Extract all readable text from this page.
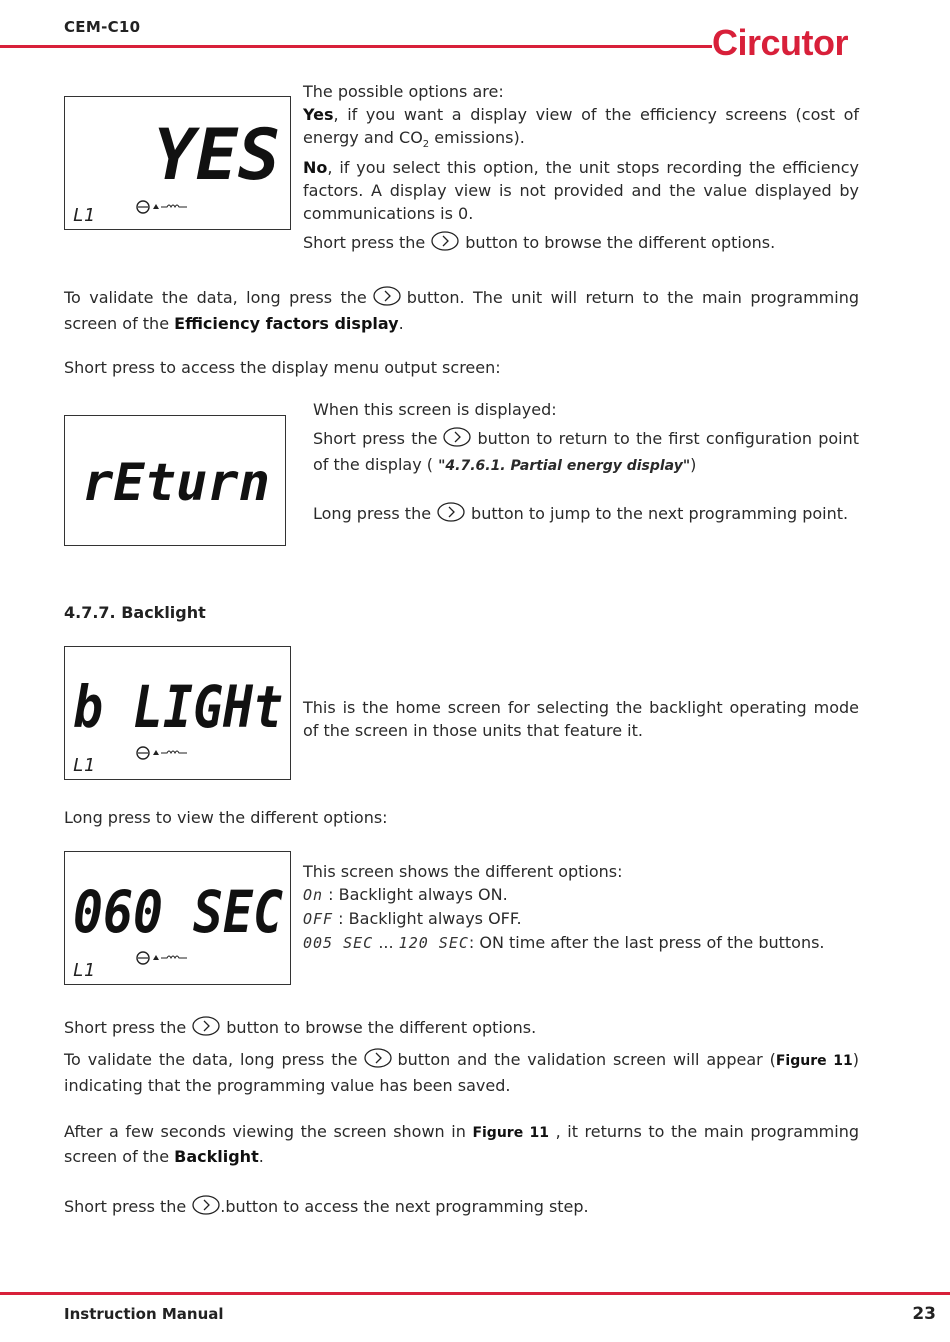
CEM-C10	Circutor
YES
L1

The possible options are:

Yes, if you want a display view of the efficiency screens (cost of energy and $CO_2$ emissions).

No, if you select this option, the unit stops recording the efficiency factors. A display view is not provided and the value displayed by communications is 0.

Short press the	button to browse the different options.

To validate the data, long press the	button. The unit will return to the main programming screen of the Efficiency factors display.

Short press to access the display menu output screen:

rEturn

When this screen is displayed:

Short press the	button to return to the first configuration point of the display ( "4.7.6.1. Partial energy display")

Long press the	button to jump to the next programming point.

4.7.7. Backlight
b LIGHt
L1

This is the home screen for selecting the backlight operating mode of the screen in those units that feature it.

Long press to view the different options:

060 SEC
L1

This screen shows the different options:

On : Backlight always ON.

OFF : Backlight always OFF.

005 SEC ... 120 SEC: ON time after the last press of the buttons.

Short press the	button to browse the different options.

To validate the data, long press the	button and the validation screen will appear (Figure 11) indicating that the programming value has been saved.

After a few seconds viewing the screen shown in Figure 11 , it returns to the main programming screen of the Backlight.

Short press the .button to access the next programming step.

Instruction Manual	23
